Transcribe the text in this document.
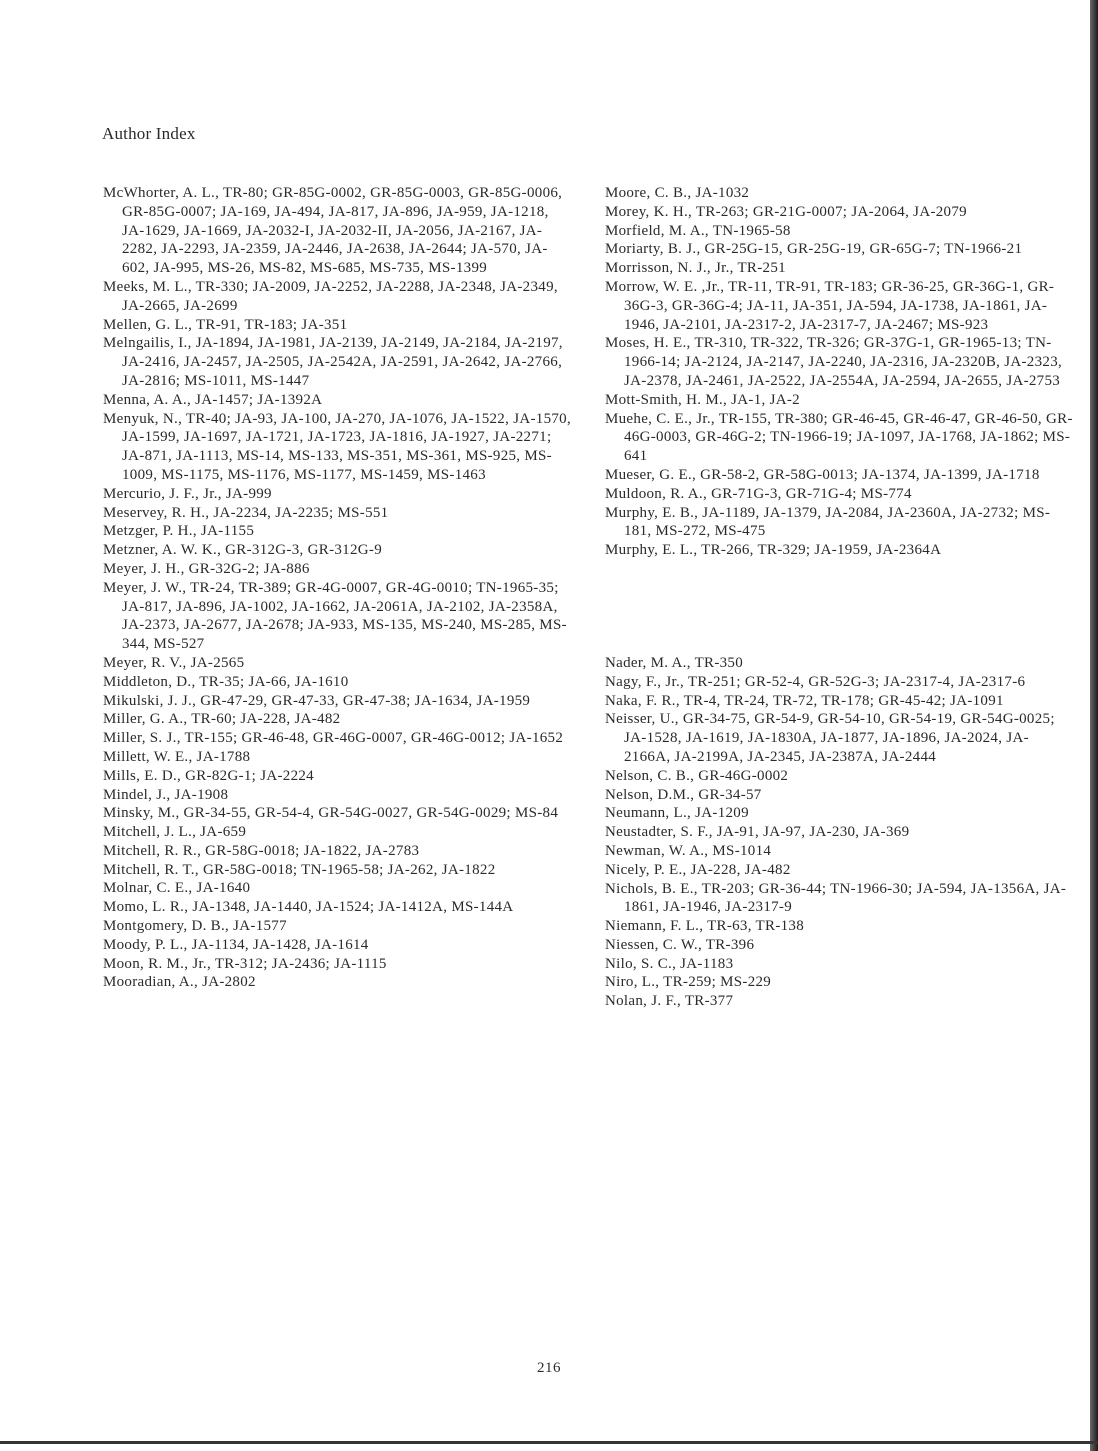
Author Index
McWhorter, A. L., TR-80; GR-85G-0002, GR-85G-0003, GR-85G-0006, GR-85G-0007; JA-169, JA-494, JA-817, JA-896, JA-959, JA-1218, JA-1629, JA-1669, JA-2032-I, JA-2032-II, JA-2056, JA-2167, JA-2282, JA-2293, JA-2359, JA-2446, JA-2638, JA-2644; JA-570, JA-602, JA-995, MS-26, MS-82, MS-685, MS-735, MS-1399
Meeks, M. L., TR-330; JA-2009, JA-2252, JA-2288, JA-2348, JA-2349, JA-2665, JA-2699
Mellen, G. L., TR-91, TR-183; JA-351
Melngailis, I., JA-1894, JA-1981, JA-2139, JA-2149, JA-2184, JA-2197, JA-2416, JA-2457, JA-2505, JA-2542A, JA-2591, JA-2642, JA-2766, JA-2816; MS-1011, MS-1447
Menna, A. A., JA-1457; JA-1392A
Menyuk, N., TR-40; JA-93, JA-100, JA-270, JA-1076, JA-1522, JA-1570, JA-1599, JA-1697, JA-1721, JA-1723, JA-1816, JA-1927, JA-2271; JA-871, JA-1113, MS-14, MS-133, MS-351, MS-361, MS-925, MS-1009, MS-1175, MS-1176, MS-1177, MS-1459, MS-1463
Mercurio, J. F., Jr., JA-999
Meservey, R. H., JA-2234, JA-2235; MS-551
Metzger, P. H., JA-1155
Metzner, A. W. K., GR-312G-3, GR-312G-9
Meyer, J. H., GR-32G-2; JA-886
Meyer, J. W., TR-24, TR-389; GR-4G-0007, GR-4G-0010; TN-1965-35; JA-817, JA-896, JA-1002, JA-1662, JA-2061A, JA-2102, JA-2358A, JA-2373, JA-2677, JA-2678; JA-933, MS-135, MS-240, MS-285, MS-344, MS-527
Meyer, R. V., JA-2565
Middleton, D., TR-35; JA-66, JA-1610
Mikulski, J. J., GR-47-29, GR-47-33, GR-47-38; JA-1634, JA-1959
Miller, G. A., TR-60; JA-228, JA-482
Miller, S. J., TR-155; GR-46-48, GR-46G-0007, GR-46G-0012; JA-1652
Millett, W. E., JA-1788
Mills, E. D., GR-82G-1; JA-2224
Mindel, J., JA-1908
Minsky, M., GR-34-55, GR-54-4, GR-54G-0027, GR-54G-0029; MS-84
Mitchell, J. L., JA-659
Mitchell, R. R., GR-58G-0018; JA-1822, JA-2783
Mitchell, R. T., GR-58G-0018; TN-1965-58; JA-262, JA-1822
Molnar, C. E., JA-1640
Momo, L. R., JA-1348, JA-1440, JA-1524; JA-1412A, MS-144A
Montgomery, D. B., JA-1577
Moody, P. L., JA-1134, JA-1428, JA-1614
Moon, R. M., Jr., TR-312; JA-2436; JA-1115
Mooradian, A., JA-2802
Moore, C. B., JA-1032
Morey, K. H., TR-263; GR-21G-0007; JA-2064, JA-2079
Morfield, M. A., TN-1965-58
Moriarty, B. J., GR-25G-15, GR-25G-19, GR-65G-7; TN-1966-21
Morrisson, N. J., Jr., TR-251
Morrow, W. E. ,Jr., TR-11, TR-91, TR-183; GR-36-25, GR-36G-1, GR-36G-3, GR-36G-4; JA-11, JA-351, JA-594, JA-1738, JA-1861, JA-1946, JA-2101, JA-2317-2, JA-2317-7, JA-2467; MS-923
Moses, H. E., TR-310, TR-322, TR-326; GR-37G-1, GR-1965-13; TN-1966-14; JA-2124, JA-2147, JA-2240, JA-2316, JA-2320B, JA-2323, JA-2378, JA-2461, JA-2522, JA-2554A, JA-2594, JA-2655, JA-2753
Mott-Smith, H. M., JA-1, JA-2
Muehe, C. E., Jr., TR-155, TR-380; GR-46-45, GR-46-47, GR-46-50, GR-46G-0003, GR-46G-2; TN-1966-19; JA-1097, JA-1768, JA-1862; MS-641
Mueser, G. E., GR-58-2, GR-58G-0013; JA-1374, JA-1399, JA-1718
Muldoon, R. A., GR-71G-3, GR-71G-4; MS-774
Murphy, E. B., JA-1189, JA-1379, JA-2084, JA-2360A, JA-2732; MS-181, MS-272, MS-475
Murphy, E. L., TR-266, TR-329; JA-1959, JA-2364A
Nader, M. A., TR-350
Nagy, F., Jr., TR-251; GR-52-4, GR-52G-3; JA-2317-4, JA-2317-6
Naka, F. R., TR-4, TR-24, TR-72, TR-178; GR-45-42; JA-1091
Neisser, U., GR-34-75, GR-54-9, GR-54-10, GR-54-19, GR-54G-0025; JA-1528, JA-1619, JA-1830A, JA-1877, JA-1896, JA-2024, JA-2166A, JA-2199A, JA-2345, JA-2387A, JA-2444
Nelson, C. B., GR-46G-0002
Nelson, D.M., GR-34-57
Neumann, L., JA-1209
Neustadter, S. F., JA-91, JA-97, JA-230, JA-369
Newman, W. A., MS-1014
Nicely, P. E., JA-228, JA-482
Nichols, B. E., TR-203; GR-36-44; TN-1966-30; JA-594, JA-1356A, JA-1861, JA-1946, JA-2317-9
Niemann, F. L., TR-63, TR-138
Niessen, C. W., TR-396
Nilo, S. C., JA-1183
Niro, L., TR-259; MS-229
Nolan, J. F., TR-377
216
